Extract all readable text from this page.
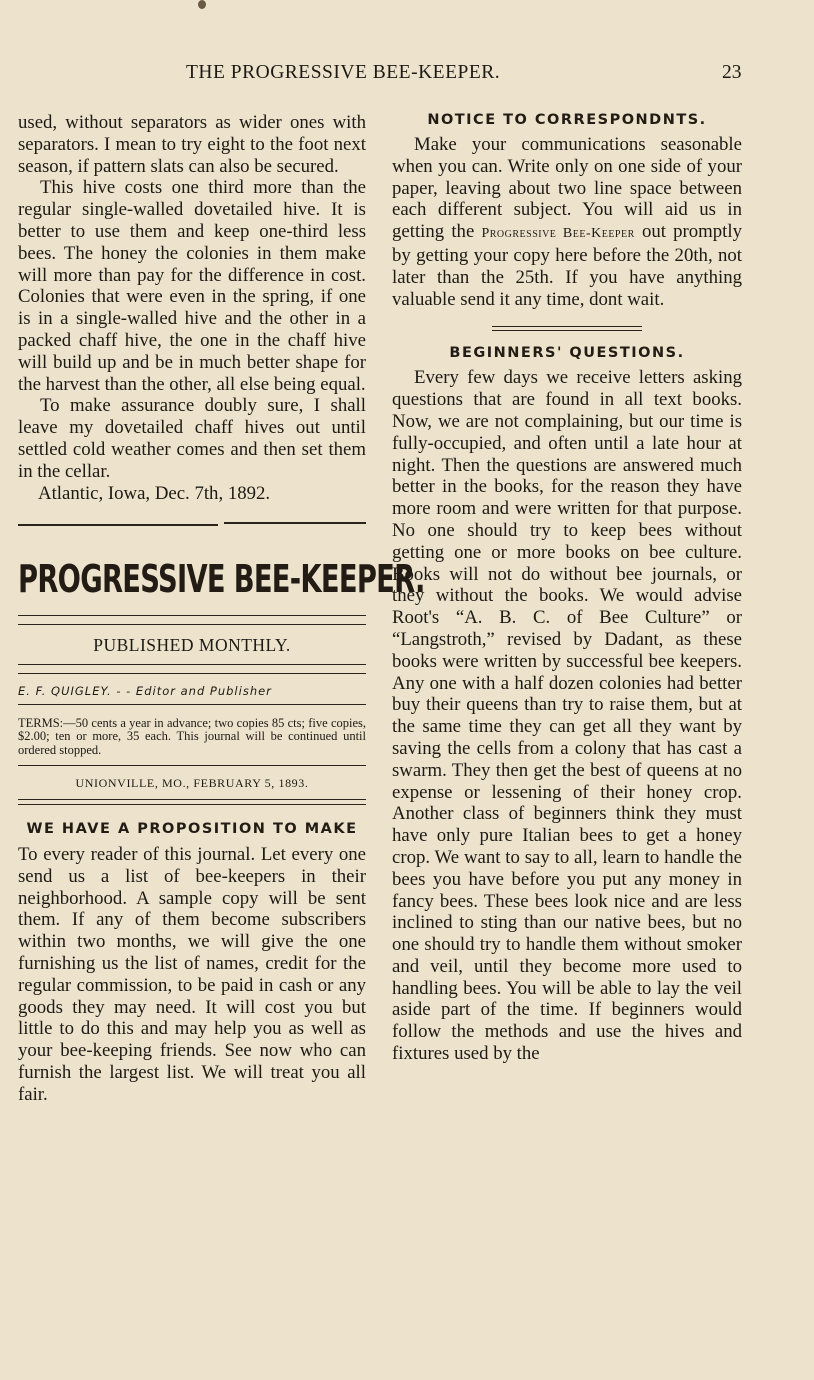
THE PROGRESSIVE BEE-KEEPER.	23

used, without separators as wider ones with separators. I mean to try eight to the foot next season, if pattern slats can also be secured.

This hive costs one third more than the regular single-walled dovetailed hive. It is better to use them and keep one-third less bees. The honey the colonies in them make will more than pay for the difference in cost. Colonies that were even in the spring, if one is in a single-walled hive and the other in a packed chaff hive, the one in the chaff hive will build up and be in much better shape for the harvest than the other, all else being equal.

To make assurance doubly sure, I shall leave my dovetailed chaff hives out until settled cold weather comes and then set them in the cellar.

Atlantic, Iowa, Dec. 7th, 1892.

PROGRESSIVE BEE-KEEPER.
PUBLISHED MONTHLY.
E. F. QUIGLEY. - - Editor and Publisher
TERMS:—50 cents a year in advance; two copies 85 cts; five copies, $2.00; ten or more, 35 each. This journal will be continued until ordered stopped.
UNIONVILLE, MO., FEBRUARY 5, 1893.
WE HAVE A PROPOSITION TO MAKE

To every reader of this journal. Let every one send us a list of bee-keepers in their neighborhood. A sample copy will be sent them. If any of them become subscribers within two months, we will give the one furnishing us the list of names, credit for the regular commission, to be paid in cash or any goods they may need. It will cost you but little to do this and may help you as well as your bee-keeping friends. See now who can furnish the largest list. We will treat you all fair.

NOTICE TO CORRESPONDNTS.

Make your communications seasonable when you can. Write only on one side of your paper, leaving about two line space between each different subject. You will aid us in getting the Progressive Bee-Keeper out promptly by getting your copy here before the 20th, not later than the 25th. If you have anything valuable send it any time, dont wait.

BEGINNERS' QUESTIONS.

Every few days we receive letters asking questions that are found in all text books. Now, we are not complaining, but our time is fully-occupied, and often until a late hour at night. Then the questions are answered much better in the books, for the reason they have more room and were written for that purpose. No one should try to keep bees without getting one or more books on bee culture. Books will not do without bee journals, or they without the books. We would advise Root's “A. B. C. of Bee Culture” or “Langstroth,” revised by Dadant, as these books were written by successful bee keepers. Any one with a half dozen colonies had better buy their queens than try to raise them, but at the same time they can get all they want by saving the cells from a colony that has cast a swarm. They then get the best of queens at no expense or lessening of their honey crop. Another class of beginners think they must have only pure Italian bees to get a honey crop. We want to say to all, learn to handle the bees you have before you put any money in fancy bees. These bees look nice and are less inclined to sting than our native bees, but no one should try to handle them without smoker and veil, until they become more used to handling bees. You will be able to lay the veil aside part of the time. If beginners would follow the methods and use the hives and fixtures used by the
